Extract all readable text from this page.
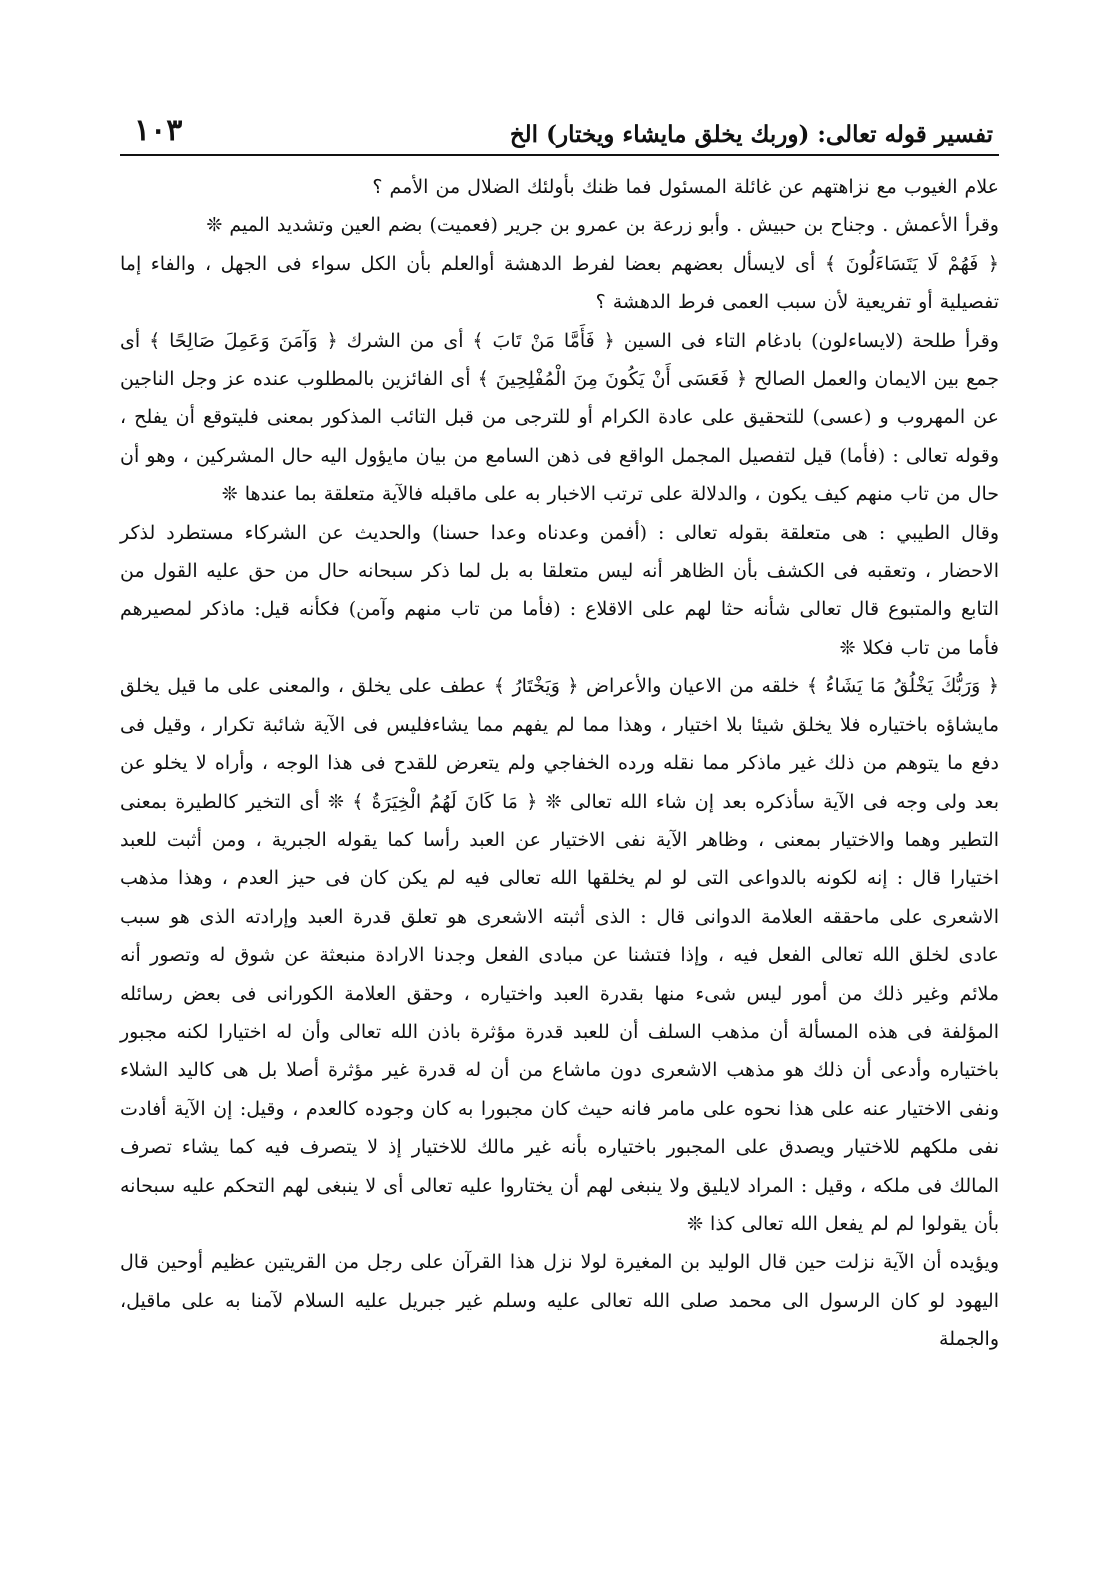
تفسير قوله تعالى: (وربك يخلق مايشاء ويختار) الخ
١٠٣

علام الغيوب مع نزاهتهم عن غائلة المسئول فما ظنك بأولئك الضلال من الأمم ؟

وقرأ الأعمش . وجناح بن حبيش . وأبو زرعة بن عمرو بن جرير (فعميت) بضم العين وتشديد الميم ❊

﴿ فَهُمْ لَا يَتَسَاءَلُونَ ﴾ أى لايسأل بعضهم بعضا لفرط الدهشة أوالعلم بأن الكل سواء فى الجهل ، والفاء إما تفصيلية أو تفريعية لأن سبب العمى فرط الدهشة ؟

وقرأ طلحة (لايساءلون) بادغام التاء فى السين ﴿ فَأَمَّا مَنْ تَابَ ﴾ أى من الشرك ﴿ وَآمَنَ وَعَمِلَ صَالِحًا ﴾ أى جمع بين الايمان والعمل الصالح ﴿ فَعَسَى أَنْ يَكُونَ مِنَ الْمُفْلِحِينَ ﴾ أى الفائزين بالمطلوب عنده عز وجل الناجين عن المهروب و (عسى) للتحقيق على عادة الكرام أو للترجى من قبل التائب المذكور بمعنى فليتوقع أن يفلح ، وقوله تعالى : (فأما) قيل لتفصيل المجمل الواقع فى ذهن السامع من بيان مايؤول اليه حال المشركين ، وهو أن حال من تاب منهم كيف يكون ، والدلالة على ترتب الاخبار به على ماقبله فالآية متعلقة بما عندها ❊

وقال الطيبي : هى متعلقة بقوله تعالى : (أفمن وعدناه وعدا حسنا) والحديث عن الشركاء مستطرد لذكر الاحضار ، وتعقبه فى الكشف بأن الظاهر أنه ليس متعلقا به بل لما ذكر سبحانه حال من حق عليه القول من التابع والمتبوع قال تعالى شأنه حثا لهم على الاقلاع : (فأما من تاب منهم وآمن) فكأنه قيل: ماذكر لمصيرهم فأما من تاب فكلا ❊

﴿ وَرَبُّكَ يَخْلُقُ مَا يَشَاءُ ﴾ خلقه من الاعيان والأعراض ﴿ وَيَخْتَارُ ﴾ عطف على يخلق ، والمعنى على ما قيل يخلق مايشاؤه باختياره فلا يخلق شيئا بلا اختيار ، وهذا مما لم يفهم مما يشاءفليس فى الآية شائبة تكرار ، وقيل فى دفع ما يتوهم من ذلك غير ماذكر مما نقله ورده الخفاجي ولم يتعرض للقدح فى هذا الوجه ، وأراه لا يخلو عن بعد ولى وجه فى الآية سأذكره بعد إن شاء الله تعالى ❊ ﴿ مَا كَانَ لَهُمُ الْخِيَرَةُ ﴾ ❊ أى التخير كالطيرة بمعنى التطير وهما والاختيار بمعنى ، وظاهر الآية نفى الاختيار عن العبد رأسا كما يقوله الجبرية ، ومن أثبت للعبد اختيارا قال : إنه لكونه بالدواعى التى لو لم يخلقها الله تعالى فيه لم يكن كان فى حيز العدم ، وهذا مذهب الاشعرى على ماحققه العلامة الدوانى قال : الذى أثبته الاشعرى هو تعلق قدرة العبد وإرادته الذى هو سبب عادى لخلق الله تعالى الفعل فيه ، وإذا فتشنا عن مبادى الفعل وجدنا الارادة منبعثة عن شوق له وتصور أنه ملائم وغير ذلك من أمور ليس شىء منها بقدرة العبد واختياره ، وحقق العلامة الكورانى فى بعض رسائله المؤلفة فى هذه المسألة أن مذهب السلف أن للعبد قدرة مؤثرة باذن الله تعالى وأن له اختيارا لكنه مجبور باختياره وأدعى أن ذلك هو مذهب الاشعرى دون ماشاع من أن له قدرة غير مؤثرة أصلا بل هى كاليد الشلاء ونفى الاختيار عنه على هذا نحوه على مامر فانه حيث كان مجبورا به كان وجوده كالعدم ، وقيل: إن الآية أفادت نفى ملكهم للاختيار ويصدق على المجبور باختياره بأنه غير مالك للاختيار إذ لا يتصرف فيه كما يشاء تصرف المالك فى ملكه ، وقيل : المراد لايليق ولا ينبغى لهم أن يختاروا عليه تعالى أى لا ينبغى لهم التحكم عليه سبحانه بأن يقولوا لم لم يفعل الله تعالى كذا ❊

ويؤيده أن الآية نزلت حين قال الوليد بن المغيرة لولا نزل هذا القرآن على رجل من القريتين عظيم أوحين قال اليهود لو كان الرسول الى محمد صلى الله تعالى عليه وسلم غير جبريل عليه السلام لآمنا به على ماقيل، والجملة
